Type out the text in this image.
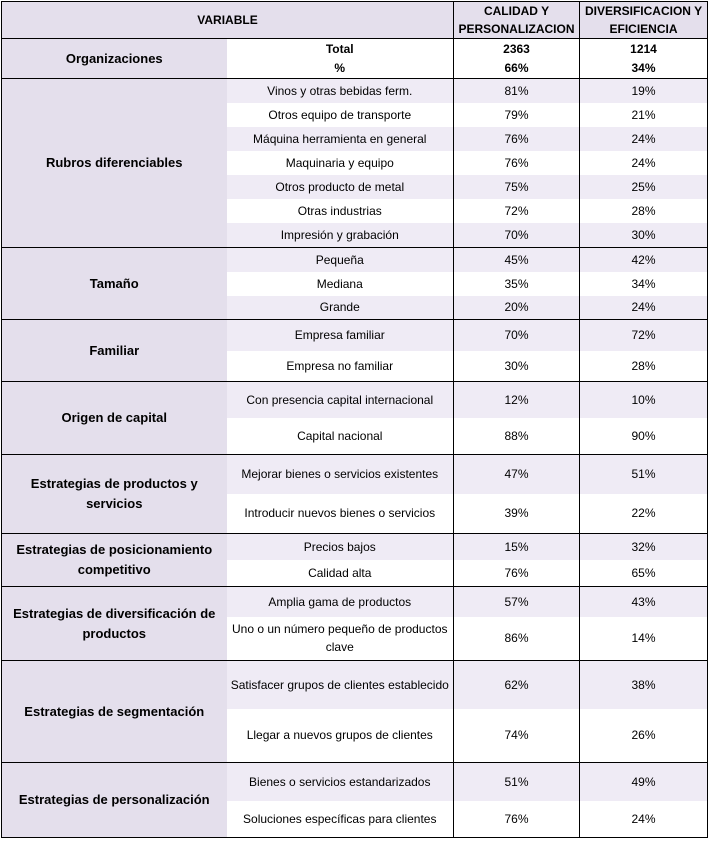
VARIABLE		CALIDAD Y PERSONALIZACION	DIVERSIFICACION Y EFICIENCIA
Organizaciones	Total	2363	1214
	%	66%	34%
Rubros diferenciables	Vinos y otras bebidas ferm.	81%	19%
	Otros equipo de transporte	79%	21%
	Máquina herramienta en general	76%	24%
	Maquinaria y equipo	76%	24%
	Otros producto de metal	75%	25%
	Otras industrias	72%	28%
	Impresión y grabación	70%	30%
Tamaño	Pequeña	45%	42%
	Mediana	35%	34%
	Grande	20%	24%
Familiar	Empresa familiar	70%	72%
	Empresa no familiar	30%	28%
Origen de capital	Con presencia capital internacional	12%	10%
	Capital nacional	88%	90%
Estrategias de productos y servicios	Mejorar bienes o servicios existentes	47%	51%
	Introducir nuevos bienes o servicios	39%	22%
Estrategias de posicionamiento competitivo	Precios bajos	15%	32%
	Calidad alta	76%	65%
Estrategias de diversificación de productos	Amplia gama de productos	57%	43%
	Uno o un número pequeño de productos clave	86%	14%
Estrategias de segmentación	Satisfacer grupos de clientes establecido	62%	38%
	Llegar a nuevos grupos de clientes	74%	26%
Estrategias de personalización	Bienes o servicios estandarizados	51%	49%
	Soluciones específicas para clientes	76%	24%
